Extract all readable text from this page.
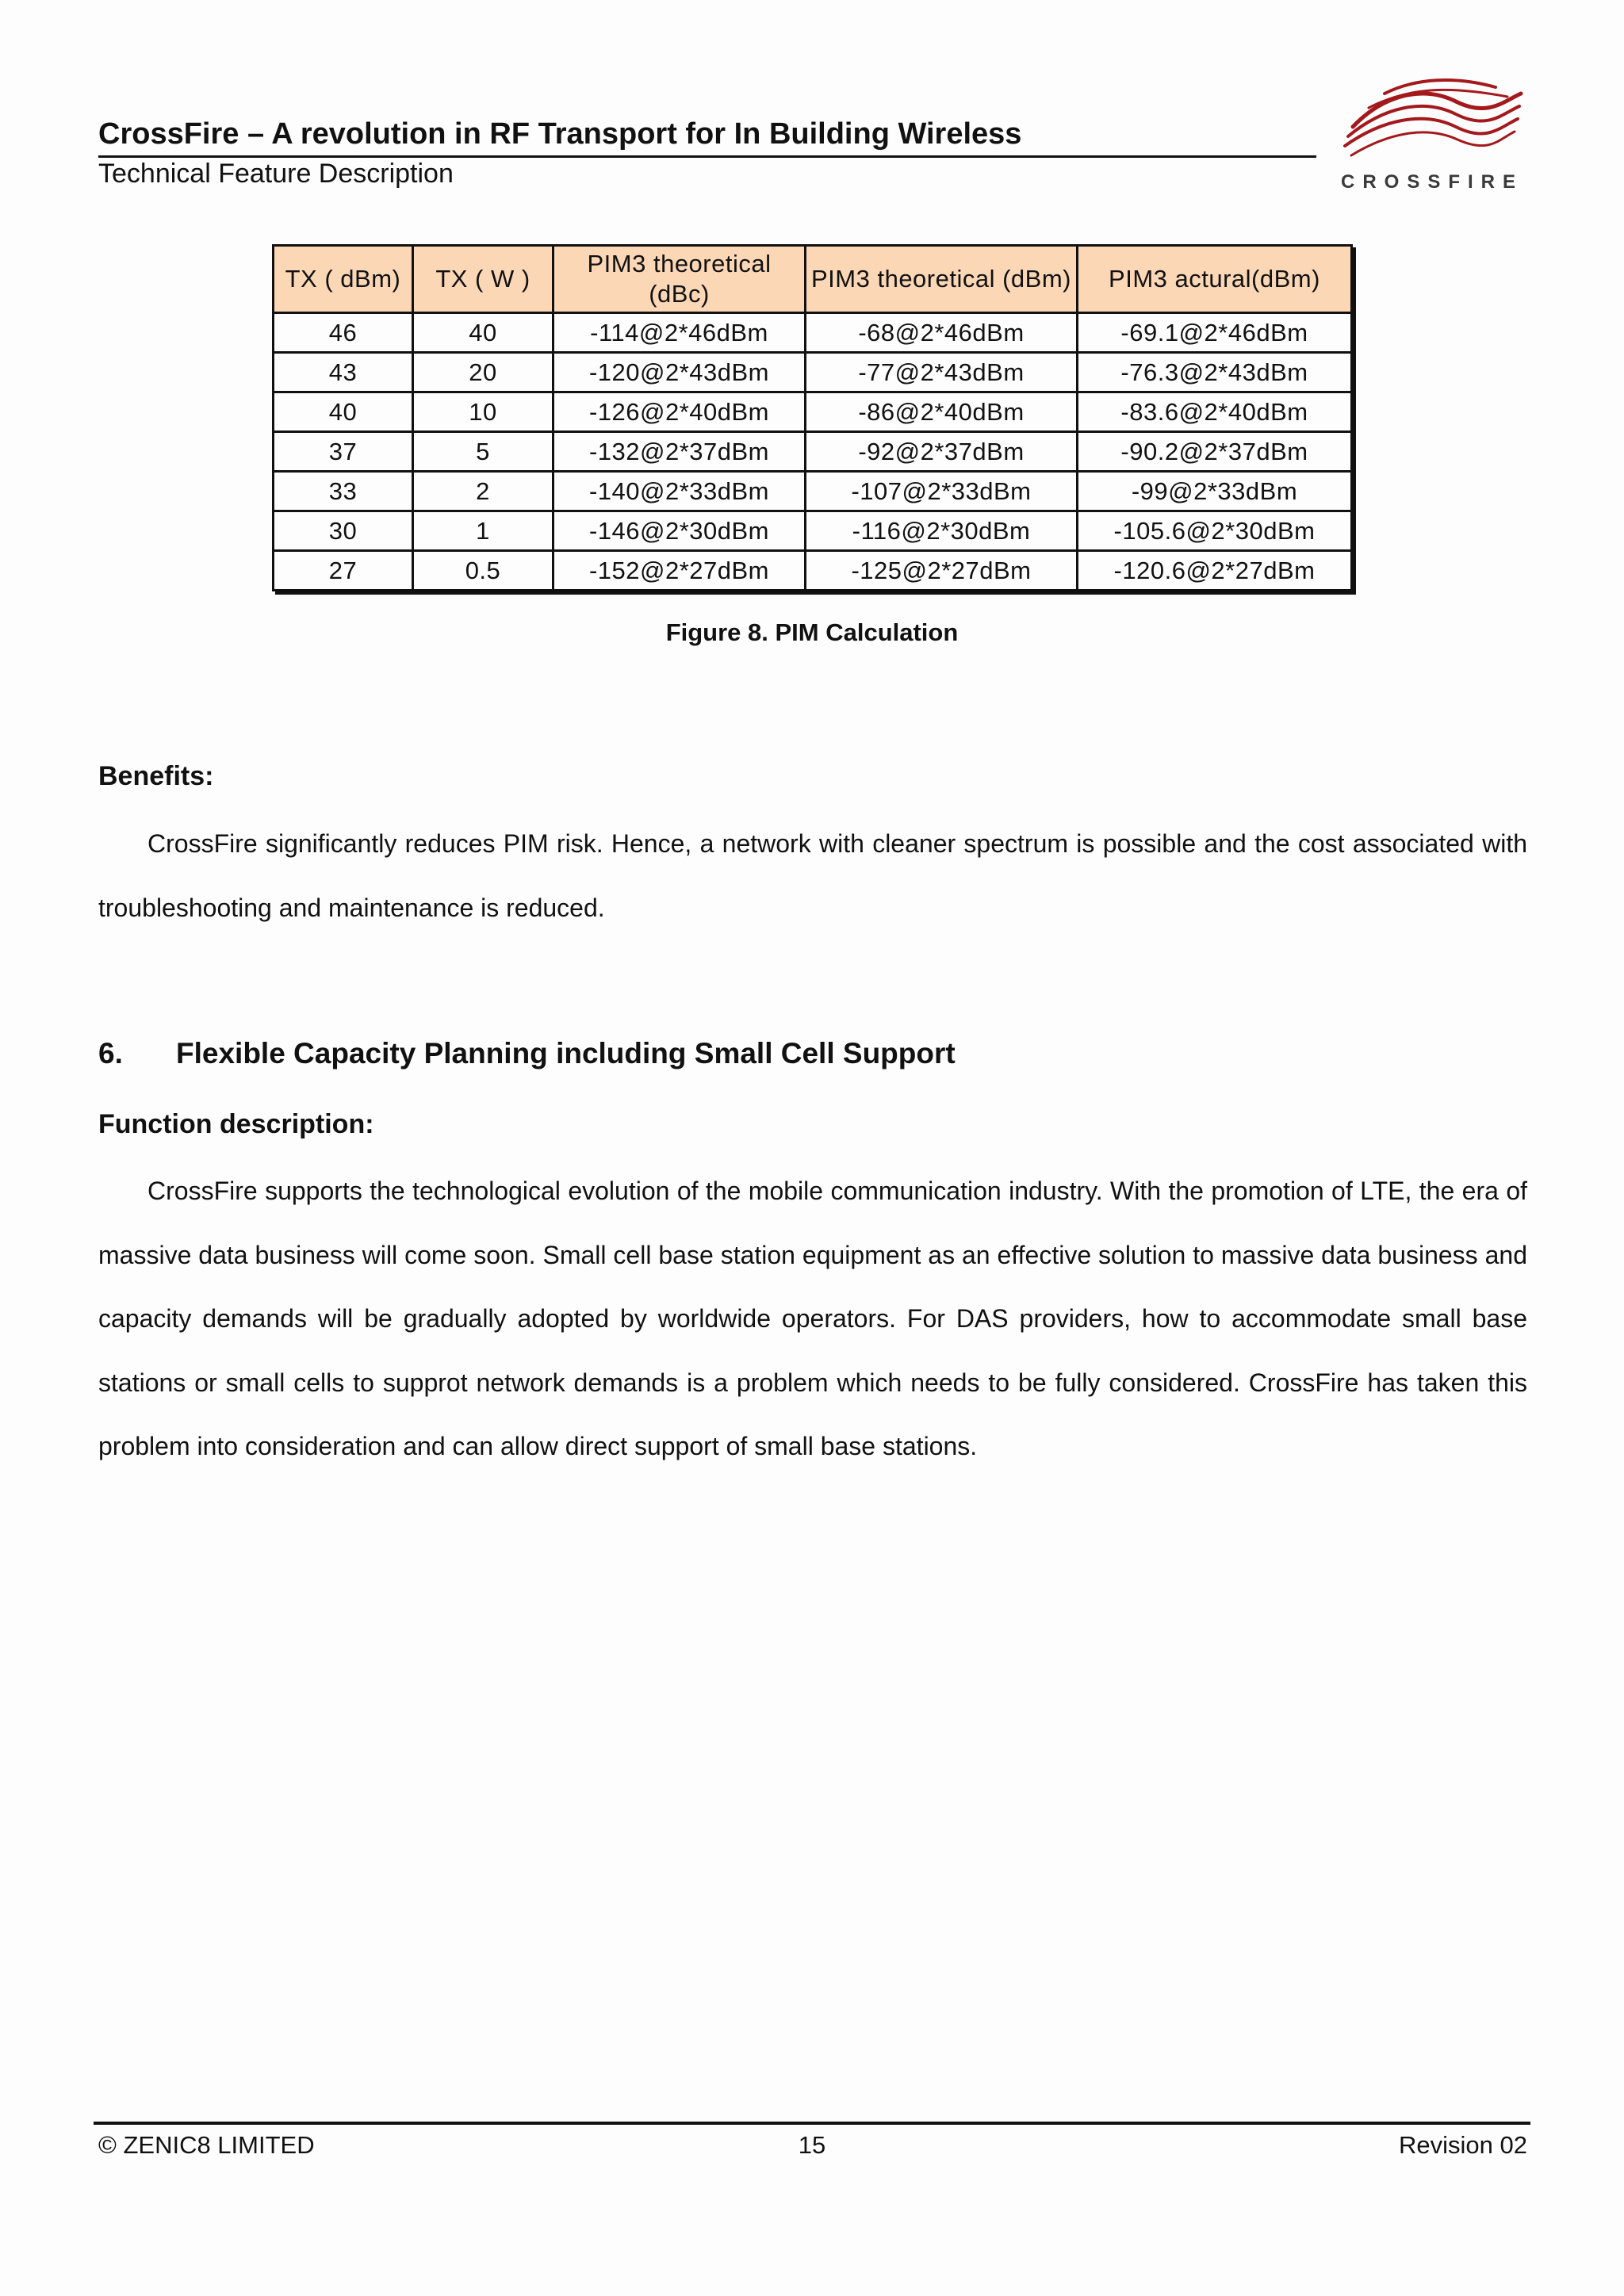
CrossFire – A revolution in RF Transport for In Building Wireless
Technical Feature Description	CROSSFIRE
TX ( dBm)	TX ( W )	PIM3 theoretical (dBc)	PIM3 theoretical (dBm)	PIM3 actural(dBm)
46	40	-114@2*46dBm	-68@2*46dBm	-69.1@2*46dBm
43	20	-120@2*43dBm	-77@2*43dBm	-76.3@2*43dBm
40	10	-126@2*40dBm	-86@2*40dBm	-83.6@2*40dBm
37	5	-132@2*37dBm	-92@2*37dBm	-90.2@2*37dBm
33	2	-140@2*33dBm	-107@2*33dBm	-99@2*33dBm
30	1	-146@2*30dBm	-116@2*30dBm	-105.6@2*30dBm
27	0.5	-152@2*27dBm	-125@2*27dBm	-120.6@2*27dBm
Figure 8. PIM Calculation
Benefits:
CrossFire significantly reduces PIM risk. Hence, a network with cleaner spectrum is possible and the cost associated with troubleshooting and maintenance is reduced.
6. Flexible Capacity Planning including Small Cell Support
Function description:
CrossFire supports the technological evolution of the mobile communication industry. With the promotion of LTE, the era of massive data business will come soon. Small cell base station equipment as an effective solution to massive data business and capacity demands will be gradually adopted by worldwide operators. For DAS providers, how to accommodate small base stations or small cells to supprot network demands is a problem which needs to be fully considered. CrossFire has taken this problem into consideration and can allow direct support of small base stations.
© ZENIC8 LIMITED	15	Revision 02
